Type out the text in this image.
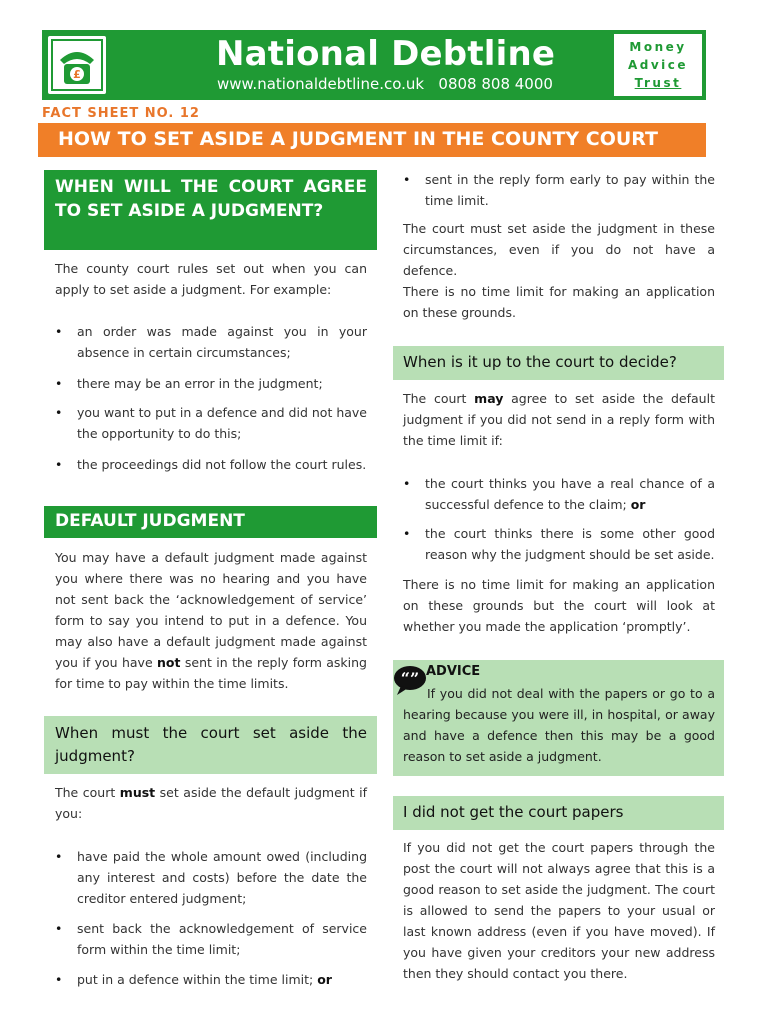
£
National Debtline
www.nationaldebtline.co.uk 0808 808 4000
Money
Advice
Trust
FACT SHEET NO. 12
HOW TO SET ASIDE A JUDGMENT IN THE COUNTY COURT
WHEN WILL THE COURT AGREE TO SET ASIDE A JUDGMENT?
The county court rules set out when you can apply to set aside a judgment. For example:
• an order was made against you in your absence in certain circumstances;
• there may be an error in the judgment;
• you want to put in a defence and did not have the opportunity to do this;
• the proceedings did not follow the court rules.
DEFAULT JUDGMENT
You may have a default judgment made against you where there was no hearing and you have not sent back the ‘acknowledgement of service’ form to say you intend to put in a defence. You may also have a default judgment made against you if you have not sent in the reply form asking for time to pay within the time limits.
When must the court set aside the judgment?
The court must set aside the default judgment if you:
• have paid the whole amount owed (including any interest and costs) before the date the creditor entered judgment;
• sent back the acknowledgement of service form within the time limit;
• put in a defence within the time limit; or
• sent in the reply form early to pay within the time limit.
The court must set aside the judgment in these circumstances, even if you do not have a defence.
There is no time limit for making an application on these grounds.
When is it up to the court to decide?
The court may agree to set aside the default judgment if you did not send in a reply form with the time limit if:
• the court thinks you have a real chance of a successful defence to the claim; or
• the court thinks there is some other good reason why the judgment should be set aside.
There is no time limit for making an application on these grounds but the court will look at whether you made the application ‘promptly’.
“” ADVICE
If you did not deal with the papers or go to a hearing because you were ill, in hospital, or away and have a defence then this may be a good reason to set aside a judgment.
I did not get the court papers
If you did not get the court papers through the post the court will not always agree that this is a good reason to set aside the judgment. The court is allowed to send the papers to your usual or last known address (even if you have moved). If you have given your creditors your new address then they should contact you there.
